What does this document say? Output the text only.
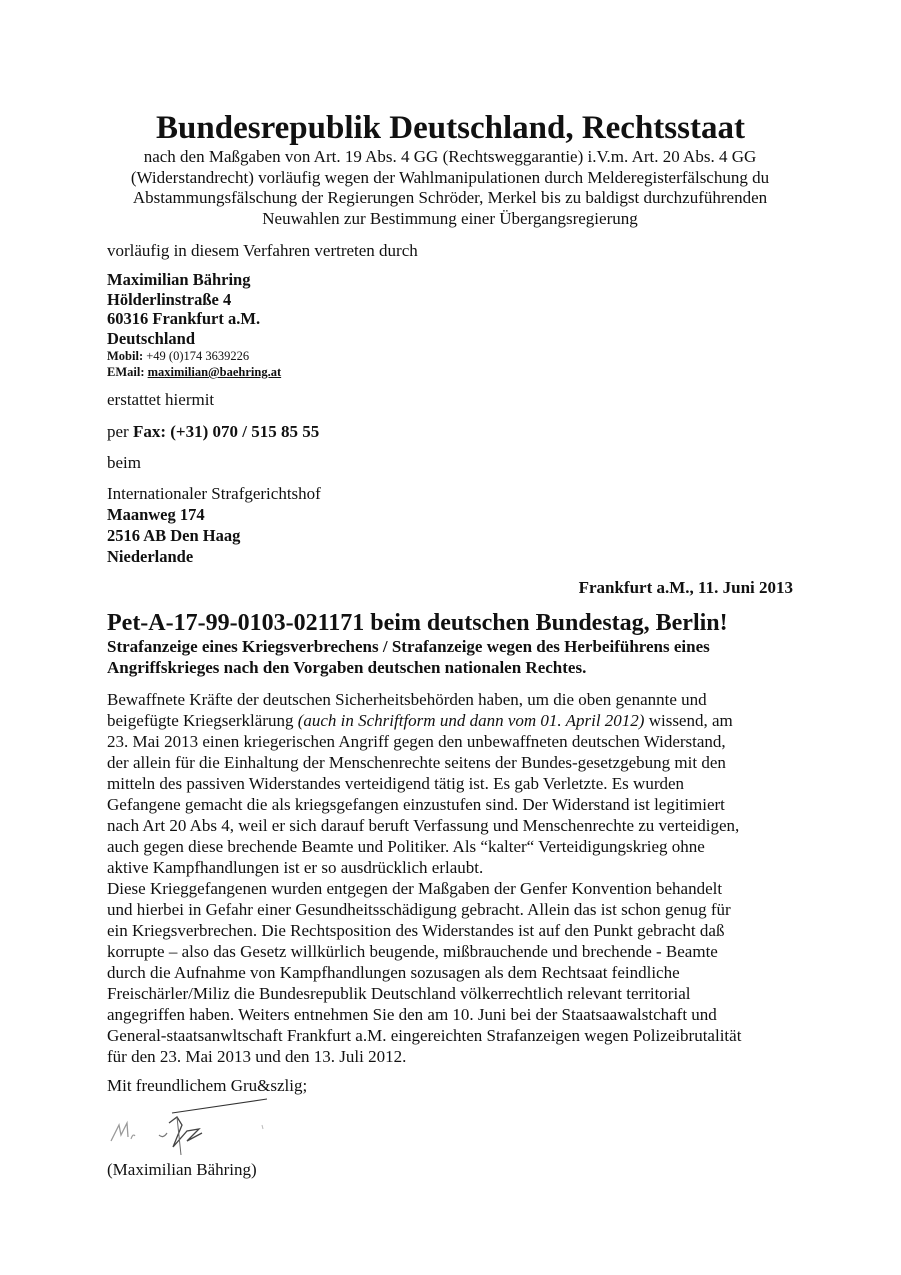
Bundesrepublik Deutschland, Rechtsstaat
nach den Maßgaben von Art. 19 Abs. 4 GG (Rechtsweggarantie) i.V.m. Art. 20 Abs. 4 GG
(Widerstandrecht) vorläufig wegen der Wahlmanipulationen durch Melderegisterfälschung du
Abstammungsfälschung der Regierungen Schröder, Merkel bis zu baldigst durchzuführenden
Neuwahlen zur Bestimmung einer Übergangsregierung
vorläufig in diesem Verfahren vertreten durch
Maximilian Bähring
Hölderlinstraße 4
60316 Frankfurt a.M.
Deutschland
Mobil: +49 (0)174 3639226
EMail: maximilian@baehring.at
erstattet hiermit
per Fax: (+31) 070 / 515 85 55
beim
Internationaler Strafgerichtshof
Maanweg 174
2516 AB Den Haag
Niederlande
Frankfurt a.M., 11. Juni 2013
Pet-A-17-99-0103-021171 beim deutschen Bundestag, Berlin!
Strafanzeige eines Kriegsverbrechens / Strafanzeige wegen des Herbeiführens eines
Angriffskrieges nach den Vorgaben deutschen nationalen Rechtes.
Bewaffnete Kräfte der deutschen Sicherheitsbehörden haben, um die oben genannte und
beigefügte Kriegserklärung (auch in Schriftform und dann vom 01. April 2012) wissend, am
23. Mai 2013 einen kriegerischen Angriff gegen den unbewaffneten deutschen Widerstand,
der allein für die Einhaltung der Menschenrechte seitens der Bundes-gesetzgebung mit den
mitteln des passiven Widerstandes verteidigend tätig ist. Es gab Verletzte. Es wurden
Gefangene gemacht die als kriegsgefangen einzustufen sind. Der Widerstand ist legitimiert
nach Art 20 Abs 4, weil er sich darauf beruft Verfassung und Menschenrechte zu verteidigen,
auch gegen diese brechende Beamte und Politiker. Als “kalter“ Verteidigungskrieg ohne
aktive Kampfhandlungen ist er so ausdrücklich erlaubt.
Diese Krieggefangenen wurden entgegen der Maßgaben der Genfer Konvention behandelt
und hierbei in Gefahr einer Gesundheitsschädigung gebracht. Allein das ist schon genug für
ein Kriegsverbrechen. Die Rechtsposition des Widerstandes ist auf den Punkt gebracht daß
korrupte – also das Gesetz willkürlich beugende, mißbrauchende und brechende - Beamte
durch die Aufnahme von Kampfhandlungen sozusagen als dem Rechtsaat feindliche
Freischärler/Miliz die Bundesrepublik Deutschland völkerrechtlich relevant territorial
angegriffen haben. Weiters entnehmen Sie den am 10. Juni bei der Staatsaawalstchaft und
General-staatsanwltschaft Frankfurt a.M. eingereichten Strafanzeigen wegen Polizeibrutalität
für den 23. Mai 2013 und den 13. Juli 2012.
Mit freundlichem Gru&szlig;
(Maximilian Bähring)
